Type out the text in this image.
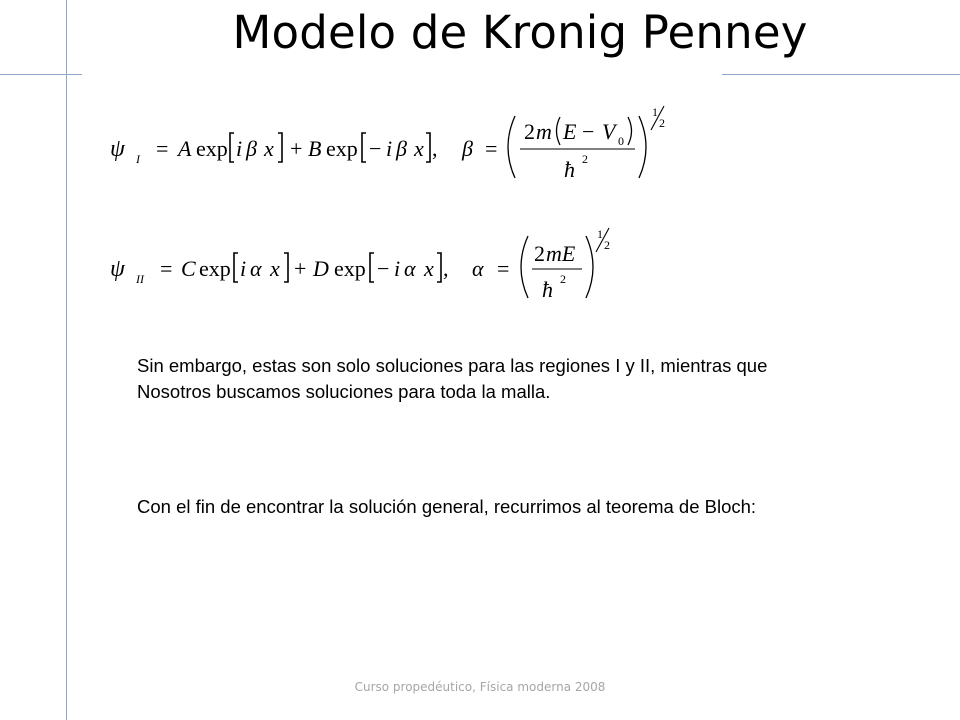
Modelo de Kronig Penney
ψ I = A exp i β x + B exp − i β x , β =
2 m E − V 0
ħ 2
1
2
ψ II = C exp i α x + D exp − i α x , α =
2 mE
ħ 2
1
2
Sin embargo, estas son solo soluciones para las regiones I y II, mientras que
Nosotros buscamos soluciones para toda la malla.
Con el fin de encontrar la solución general, recurrimos al teorema de Bloch:
Curso propedéutico, Física moderna 2008
